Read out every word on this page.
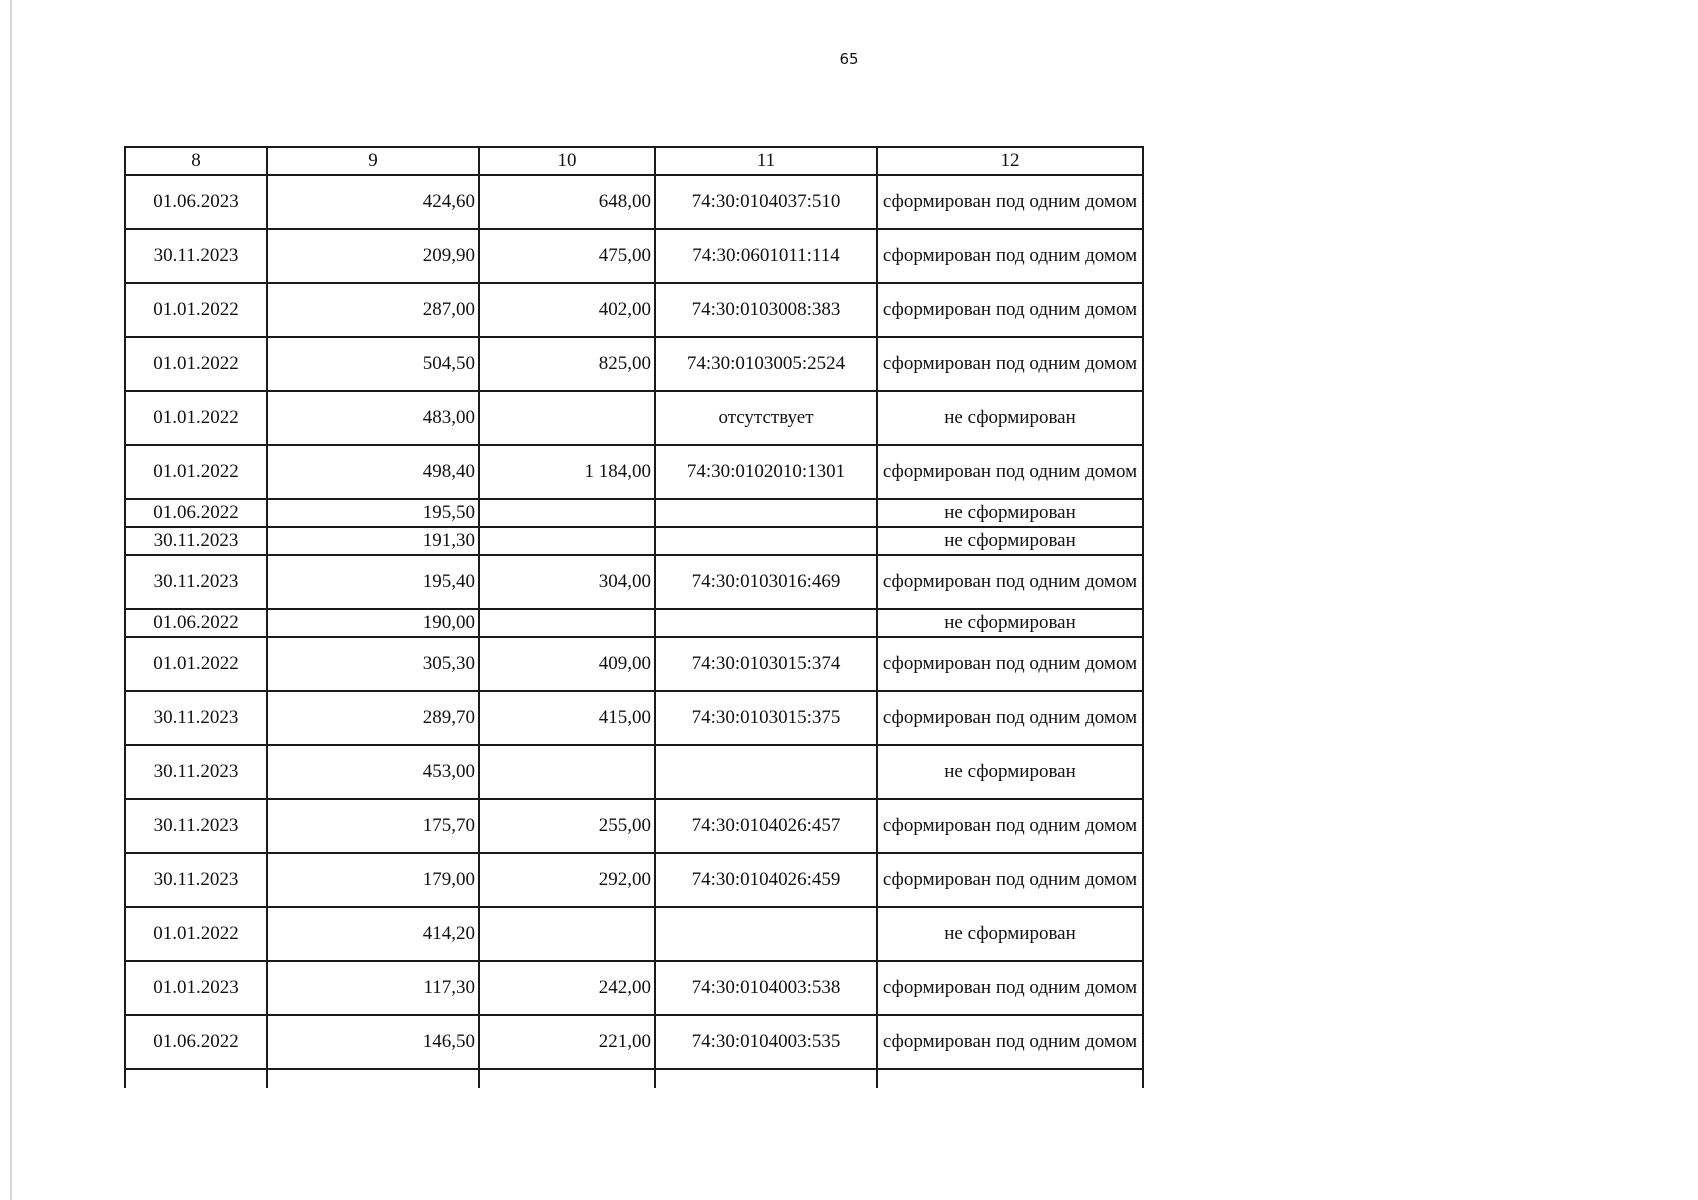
65
8	9	10	11	12
01.06.2023	424,60	648,00	74:30:0104037:510	сформирован под одним домом
30.11.2023	209,90	475,00	74:30:0601011:114	сформирован под одним домом
01.01.2022	287,00	402,00	74:30:0103008:383	сформирован под одним домом
01.01.2022	504,50	825,00	74:30:0103005:2524	сформирован под одним домом
01.01.2022	483,00		отсутствует	не сформирован
01.01.2022	498,40	1 184,00	74:30:0102010:1301	сформирован под одним домом
01.06.2022	195,50			не сформирован
30.11.2023	191,30			не сформирован
30.11.2023	195,40	304,00	74:30:0103016:469	сформирован под одним домом
01.06.2022	190,00			не сформирован
01.01.2022	305,30	409,00	74:30:0103015:374	сформирован под одним домом
30.11.2023	289,70	415,00	74:30:0103015:375	сформирован под одним домом
30.11.2023	453,00			не сформирован
30.11.2023	175,70	255,00	74:30:0104026:457	сформирован под одним домом
30.11.2023	179,00	292,00	74:30:0104026:459	сформирован под одним домом
01.01.2022	414,20			не сформирован
01.01.2023	117,30	242,00	74:30:0104003:538	сформирован под одним домом
01.06.2022	146,50	221,00	74:30:0104003:535	сформирован под одним домом
